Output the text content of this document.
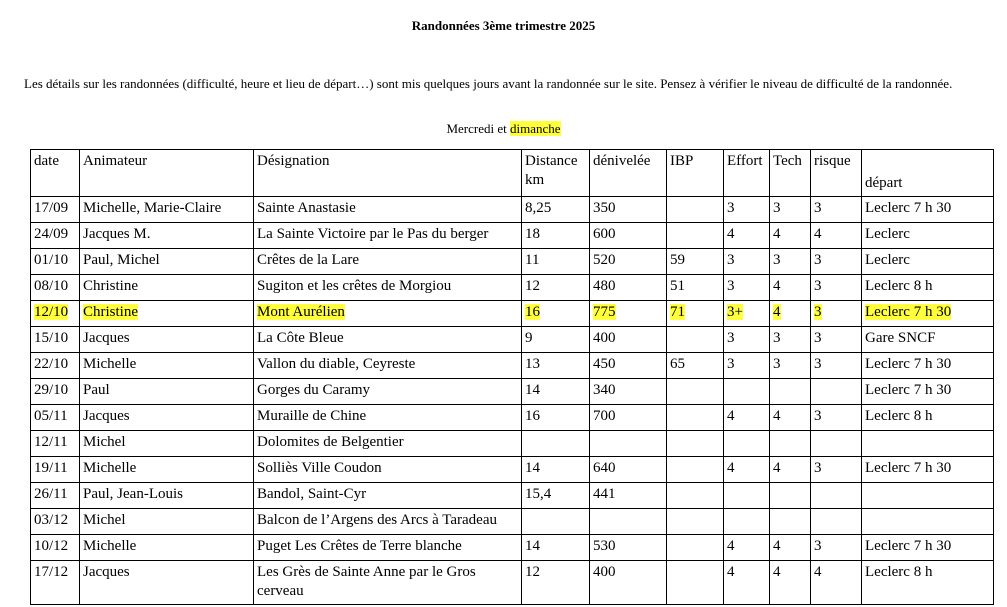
Randonnées 3ème trimestre 2025
Les détails sur les randonnées (difficulté, heure et lieu de départ…) sont mis quelques jours avant la randonnée sur le site. Pensez à vérifier le niveau de difficulté de la randonnée.
Mercredi et dimanche
date	Animateur	Désignation	Distance km	dénivelée	IBP	Effort	Tech	risque	départ
17/09	Michelle, Marie-Claire	Sainte Anastasie	8,25	350		3	3	3	Leclerc 7 h 30
24/09	Jacques M.	La Sainte Victoire par le Pas du berger	18	600		4	4	4	Leclerc
01/10	Paul, Michel	Crêtes de la Lare	11	520	59	3	3	3	Leclerc
08/10	Christine	Sugiton et les crêtes de Morgiou	12	480	51	3	4	3	Leclerc 8 h
12/10	Christine	Mont Aurélien	16	775	71	3+	4	3	Leclerc 7 h 30
15/10	Jacques	La Côte Bleue	9	400		3	3	3	Gare SNCF
22/10	Michelle	Vallon du diable, Ceyreste	13	450	65	3	3	3	Leclerc 7 h 30
29/10	Paul	Gorges du Caramy	14	340					Leclerc 7 h 30
05/11	Jacques	Muraille de Chine	16	700		4	4	3	Leclerc 8 h
12/11	Michel	Dolomites de Belgentier							
19/11	Michelle	Solliès Ville Coudon	14	640		4	4	3	Leclerc 7 h 30
26/11	Paul, Jean-Louis	Bandol, Saint-Cyr	15,4	441					
03/12	Michel	Balcon de l’Argens des Arcs à Taradeau							
10/12	Michelle	Puget Les Crêtes de Terre blanche	14	530		4	4	3	Leclerc 7 h 30
17/12	Jacques	Les Grès de Sainte Anne par le Gros cerveau	12	400		4	4	4	Leclerc 8 h
